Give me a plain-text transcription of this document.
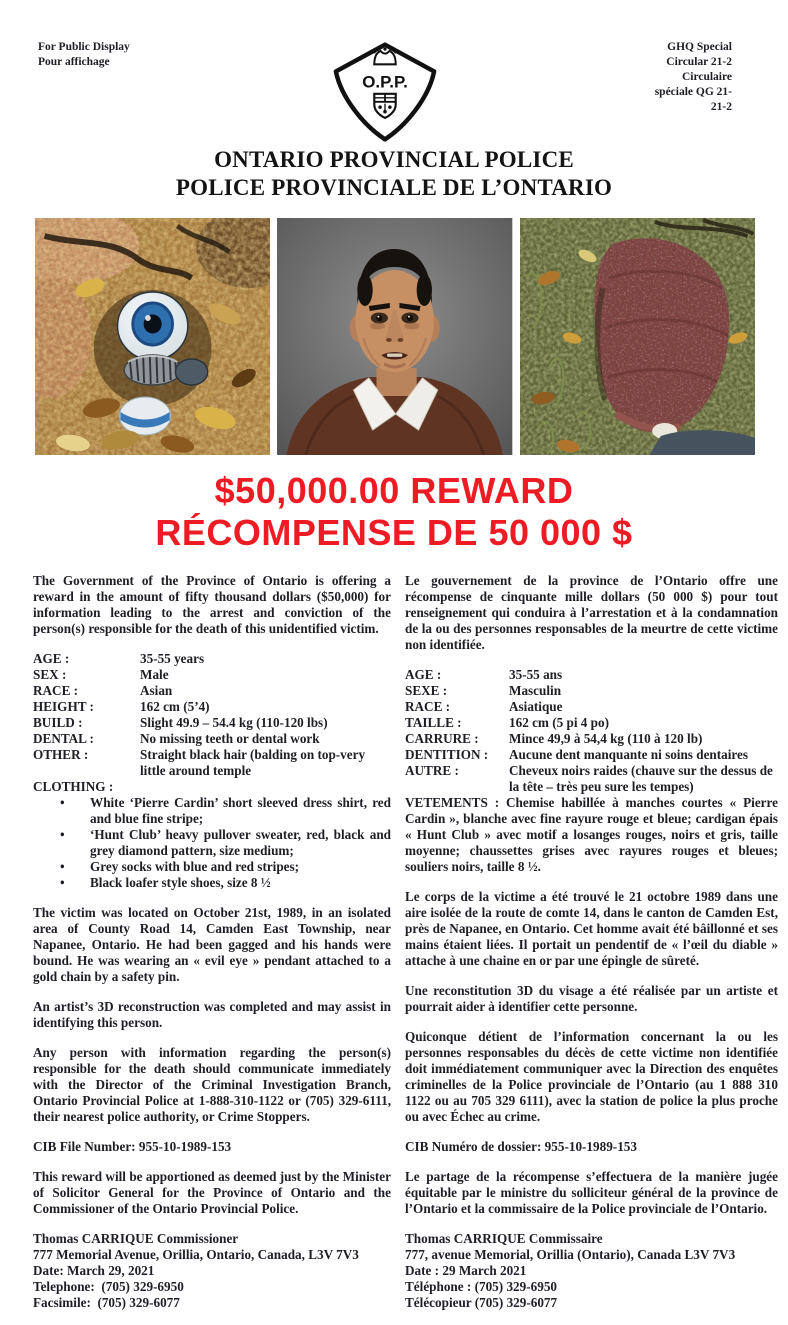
For Public Display
Pour affichage
O.P.P.
GHQ Special
Circular 21-2
Circulaire
spéciale QG 21-
21-2
ONTARIO PROVINCIAL POLICE
POLICE PROVINCIALE DE L’ONTARIO
$50,000.00 REWARD
RÉCOMPENSE DE 50 000 $

The Government of the Province of Ontario is offering a reward in the amount of fifty thousand dollars ($50,000) for information leading to the arrest and conviction of the person(s) responsible for the death of this unidentified victim.

AGE :	35-55 years
SEX :	Male
RACE :	Asian
HEIGHT :	162 cm (5’4)
BUILD :	Slight 49.9 – 54.4 kg (110-120 lbs)
DENTAL :	No missing teeth or dental work
OTHER :	Straight black hair (balding on top-very little around temple
CLOTHING :
• White ‘Pierre Cardin’ short sleeved dress shirt, red and blue fine stripe;
• ‘Hunt Club’ heavy pullover sweater, red, black and grey diamond pattern, size medium;
• Grey socks with blue and red stripes;
• Black loafer style shoes, size 8 ½

The victim was located on October 21st, 1989, in an isolated area of County Road 14, Camden East Township, near Napanee, Ontario. He had been gagged and his hands were bound. He was wearing an « evil eye » pendant attached to a gold chain by a safety pin.

An artist’s 3D reconstruction was completed and may assist in identifying this person.

Any person with information regarding the person(s) responsible for the death should communicate immediately with the Director of the Criminal Investigation Branch, Ontario Provincial Police at 1-888-310-1122 or (705) 329-6111, their nearest police authority, or Crime Stoppers.

CIB File Number: 955-10-1989-153

This reward will be apportioned as deemed just by the Minister of Solicitor General for the Province of Ontario and the Commissioner of the Ontario Provincial Police.

Thomas CARRIQUE Commissioner
777 Memorial Avenue, Orillia, Ontario, Canada, L3V 7V3
Date: March 29, 2021
Telephone:  (705) 329-6950
Facsimile:  (705) 329-6077

Le gouvernement de la province de l’Ontario offre une récompense de cinquante mille dollars (50 000 $) pour tout renseignement qui conduira à l’arrestation et à la condamnation de la ou des personnes responsables de la meurtre de cette victime non identifiée.

AGE :	35-55 ans
SEXE :	Masculin
RACE :	Asiatique
TAILLE :	162 cm (5 pi 4 po)
CARRURE :	Mince 49,9 à 54,4 kg (110 à 120 lb)
DENTITION :	Aucune dent manquante ni soins dentaires
AUTRE :	Cheveux noirs raides (chauve sur the dessus de la tête – très peu sure les tempes)

VETEMENTS : Chemise habillée à manches courtes « Pierre Cardin », blanche avec fine rayure rouge et bleue; cardigan épais « Hunt Club » avec motif a losanges rouges, noirs et gris, taille moyenne; chaussettes grises avec rayures rouges et bleues; souliers noirs, taille 8 ½.

Le corps de la victime a été trouvé le 21 octobre 1989 dans une aire isolée de la route de comte 14, dans le canton de Camden Est, près de Napanee, en Ontario. Cet homme avait été bâillonné et ses mains étaient liées. Il portait un pendentif de « l’œil du diable » attache à une chaine en or par une épingle de sûreté.

Une reconstitution 3D du visage a été réalisée par un artiste et pourrait aider à identifier cette personne.

Quiconque détient de l’information concernant la ou les personnes responsables du décès de cette victime non identifiée doit immédiatement communiquer avec la Direction des enquêtes criminelles de la Police provinciale de l’Ontario (au 1 888 310 1122 ou au 705 329 6111), avec la station de police la plus proche ou avec Échec au crime.

CIB Numéro de dossier: 955-10-1989-153

Le partage de la récompense s’effectuera de la manière jugée équitable par le ministre du solliciteur général de la province de l’Ontario et la commissaire de la Police provinciale de l’Ontario.

Thomas CARRIQUE Commissaire
777, avenue Memorial, Orillia (Ontario), Canada L3V 7V3
Date : 29 March 2021
Téléphone : (705) 329-6950
Télécopieur (705) 329-6077
